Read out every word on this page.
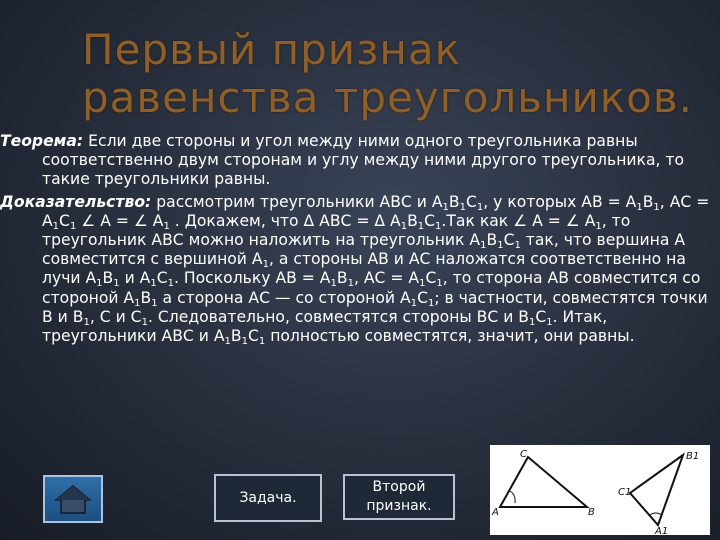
Первый признак равенства треугольников.

Теорема: Если две стороны и угол между ними одного треугольника равны соответственно двум сторонам и углу между ними другого треугольника, то такие треугольники равны.

Доказательство: рассмотрим треугольники АВС и $А_1В_1С_1$, у которых АВ = $А_1В_1$, АС = $А_1С_1$ ∠ А = ∠ $А_1$ . Докажем, что Δ АВС = Δ $А_1В_1С_1.Так$ как ∠ А = ∠ $А_1$, то треугольник АВС можно наложить на треугольник $А_1В_1С_1$ так, что вершина А совместится с вершиной $А_1$, а стороны АВ и АС наложатся соответственно на лучи $А_1В_1$ и $А_1С_1$. Поскольку АВ = $А_1В_1$, АС = $А_1С_1$, то сторона АВ совместится со стороной $А_1В_1$ а сторона АС — со стороной $А_1С_1$; в частности, совместятся точки В и $В_1$, С и $С_1$. Следовательно, совместятся стороны ВС и $В_1С_1$. Итак, треугольники АВС и $А_1В_1С_1$ полностью совместятся, значит, они равны.

Задача.
Второй
признак.
C
A	B
B1
C1
A1
